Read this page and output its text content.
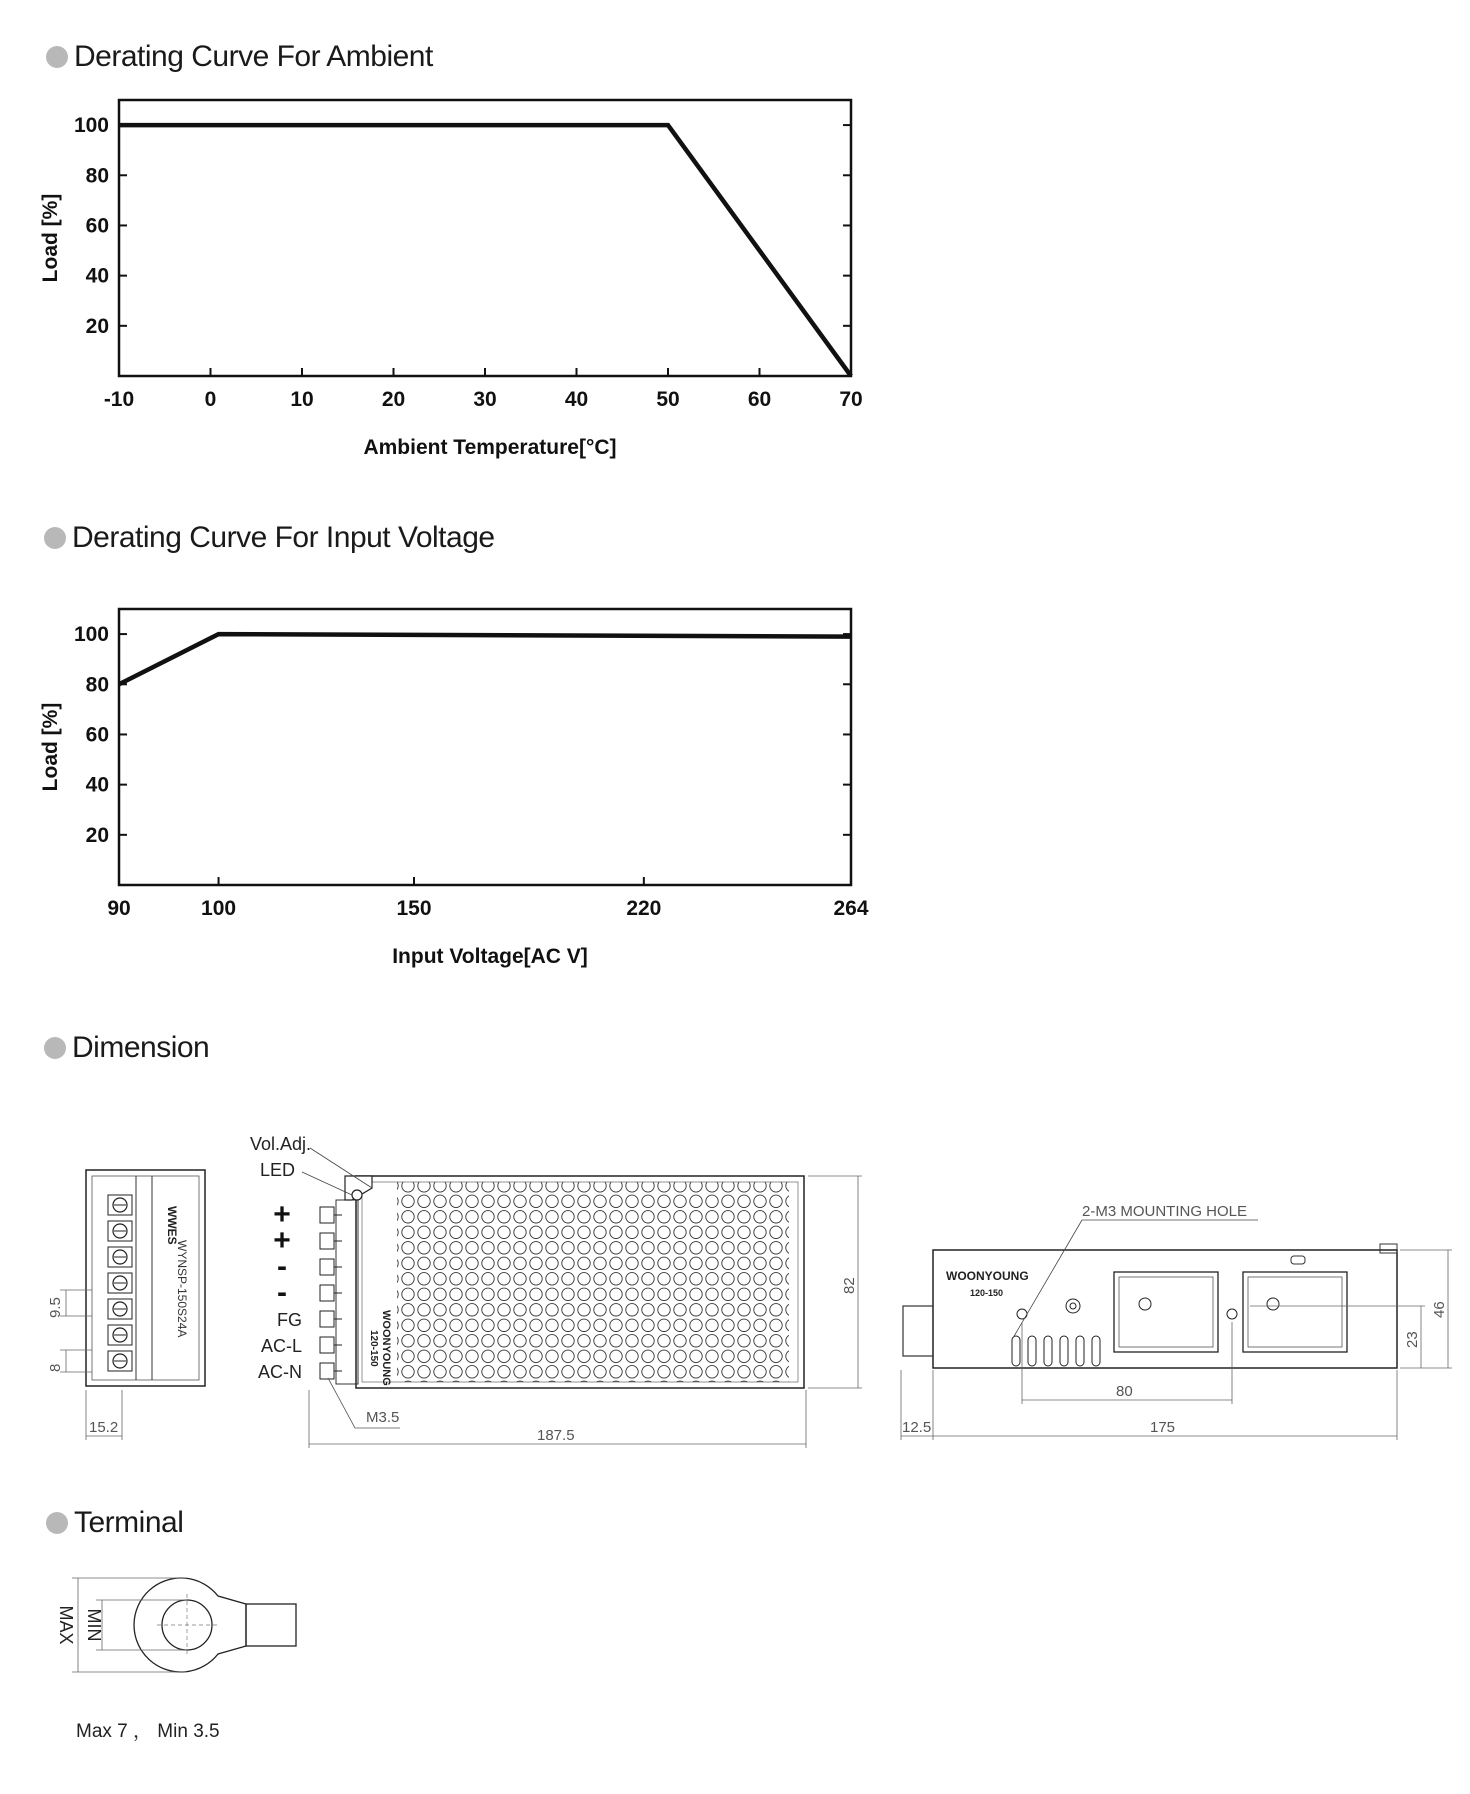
Derating Curve For Ambient
Derating Curve For Input Voltage
Dimension
Terminal
20
40
60
80
100
-10	0	10	20	30	40	50	60	70
Ambient Temperature[°C]
Load [%]
20
40
60
80
100
90	100	150	220	264
Input Voltage[AC V]
Load [%]
WYNSP-150S24A
WWES
9.5
8
15.2
Vol.Adj.
LED
+
+
-
-
FG
AC-L
AC-N	WOONYOUNG
120-150
M3.5
187.5
82
WOONYOUNG
120-150
2-M3 MOUNTING HOLE
80
12.5	175
46
23
MAX MIN
Max 7 ， Min 3.5
